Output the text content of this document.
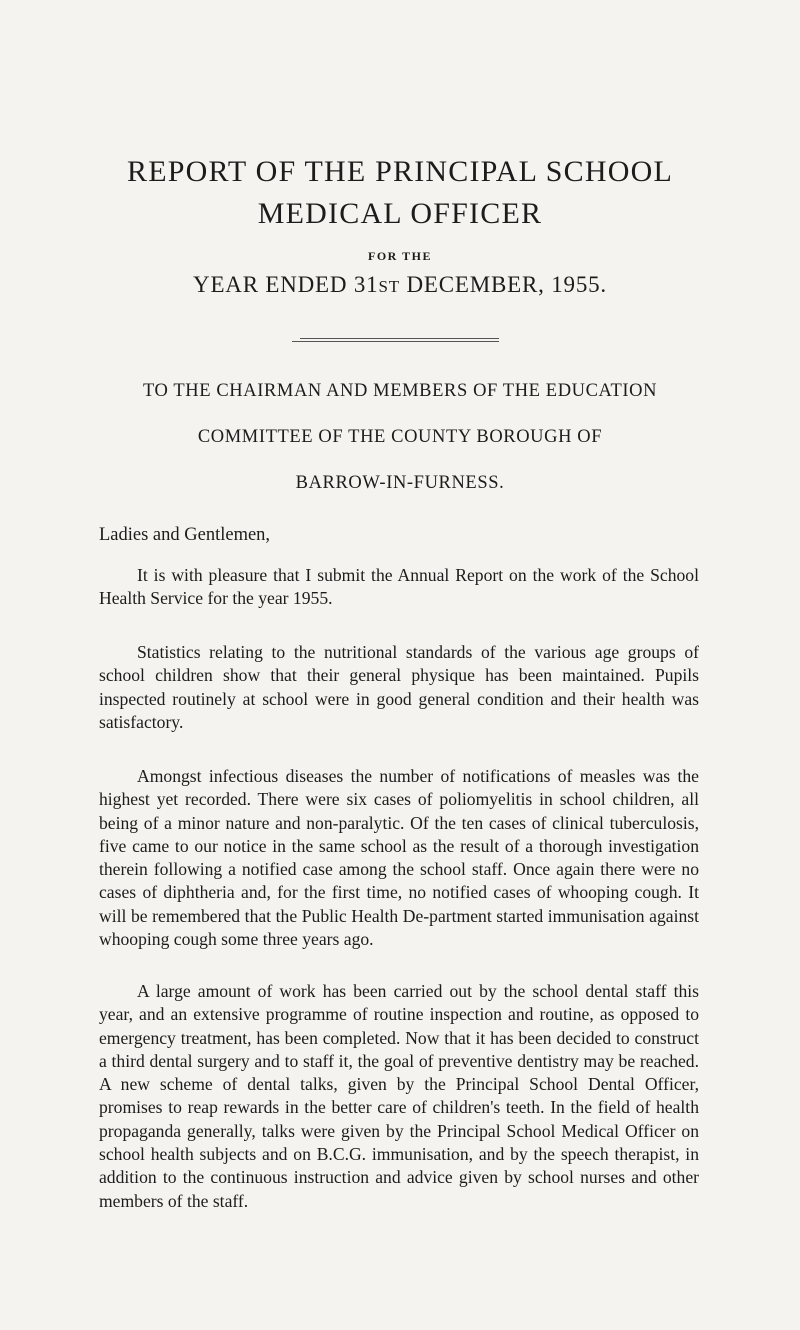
REPORT OF THE PRINCIPAL SCHOOL
MEDICAL OFFICER
FOR THE
YEAR ENDED 31ST DECEMBER, 1955.
TO THE CHAIRMAN AND MEMBERS OF THE EDUCATION
COMMITTEE OF THE COUNTY BOROUGH OF
BARROW-IN-FURNESS.
Ladies and Gentlemen,

It is with pleasure that I submit the Annual Report on the work of the School Health Service for the year 1955.

Statistics relating to the nutritional standards of the various age groups of school children show that their general physique has been maintained. Pupils inspected routinely at school were in good general condition and their health was satisfactory.

Amongst infectious diseases the number of notifications of measles was the highest yet recorded. There were six cases of poliomyelitis in school children, all being of a minor nature and non-paralytic. Of the ten cases of clinical tuberculosis, five came to our notice in the same school as the result of a thorough investigation therein following a notified case among the school staff. Once again there were no cases of diphtheria and, for the first time, no notified cases of whooping cough. It will be remembered that the Public Health De-partment started immunisation against whooping cough some three years ago.

A large amount of work has been carried out by the school dental staff this year, and an extensive programme of routine inspection and routine, as opposed to emergency treatment, has been completed. Now that it has been decided to construct a third dental surgery and to staff it, the goal of preventive dentistry may be reached. A new scheme of dental talks, given by the Principal School Dental Officer, promises to reap rewards in the better care of children's teeth. In the field of health propaganda generally, talks were given by the Principal School Medical Officer on school health subjects and on B.C.G. immunisation, and by the speech therapist, in addition to the continuous instruction and advice given by school nurses and other members of the staff.
